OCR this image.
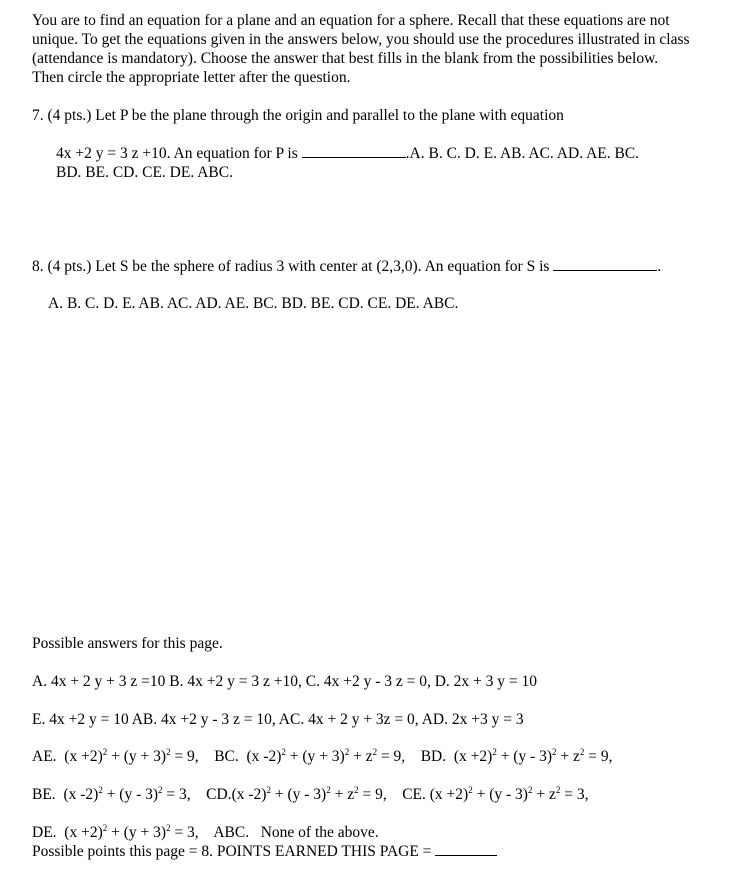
You are to find an equation for a plane and an equation for a sphere. Recall that these equations are not
unique. To get the equations given in the answers below, you should use the procedures illustrated in class
(attendance is mandatory). Choose the answer that best fills in the blank from the possibilities below.
Then circle the appropriate letter after the question.
7. (4 pts.) Let P be the plane through the origin and parallel to the plane with equation
4x +2 y = 3 z +10. An equation for P is	.A. B. C. D. E. AB. AC. AD. AE. BC.
BD. BE. CD. CE. DE. ABC.
8. (4 pts.) Let S be the sphere of radius 3 with center at (2,3,0). An equation for S is	.
A. B. C. D. E. AB. AC. AD. AE. BC. BD. BE. CD. CE. DE. ABC.
Possible answers for this page.
A. 4x + 2 y + 3 z =10 B. 4x +2 y = 3 z +10, C. 4x +2 y - 3 z = 0, D. 2x + 3 y = 10
E. 4x +2 y = 10 AB. 4x +2 y - 3 z = 10, AC. 4x + 2 y + 3z = 0, AD. 2x +3 y = 3
AE. $(x +2)^2 + (y + 3)^2 = 9$, BC. (x $-2)^2 + (y + 3)^2 + z^2 = 9$, BD. $(x +2)^2 + (y - 3)^2 + z^2 = 9$,
BE. (x -2)$^2$ + (y - 3)$^2$ = 3, CD.(x $-2)^2 + (y - 3)^2 + z^2 = 9$, CE. $(x +2)^2 + (y - 3)^2 + z^2 = 3$,
DE. $(x +2)^2 + (y + 3)^2 = 3$, ABC. None of the above.
Possible points this page = 8. POINTS EARNED THIS PAGE =
